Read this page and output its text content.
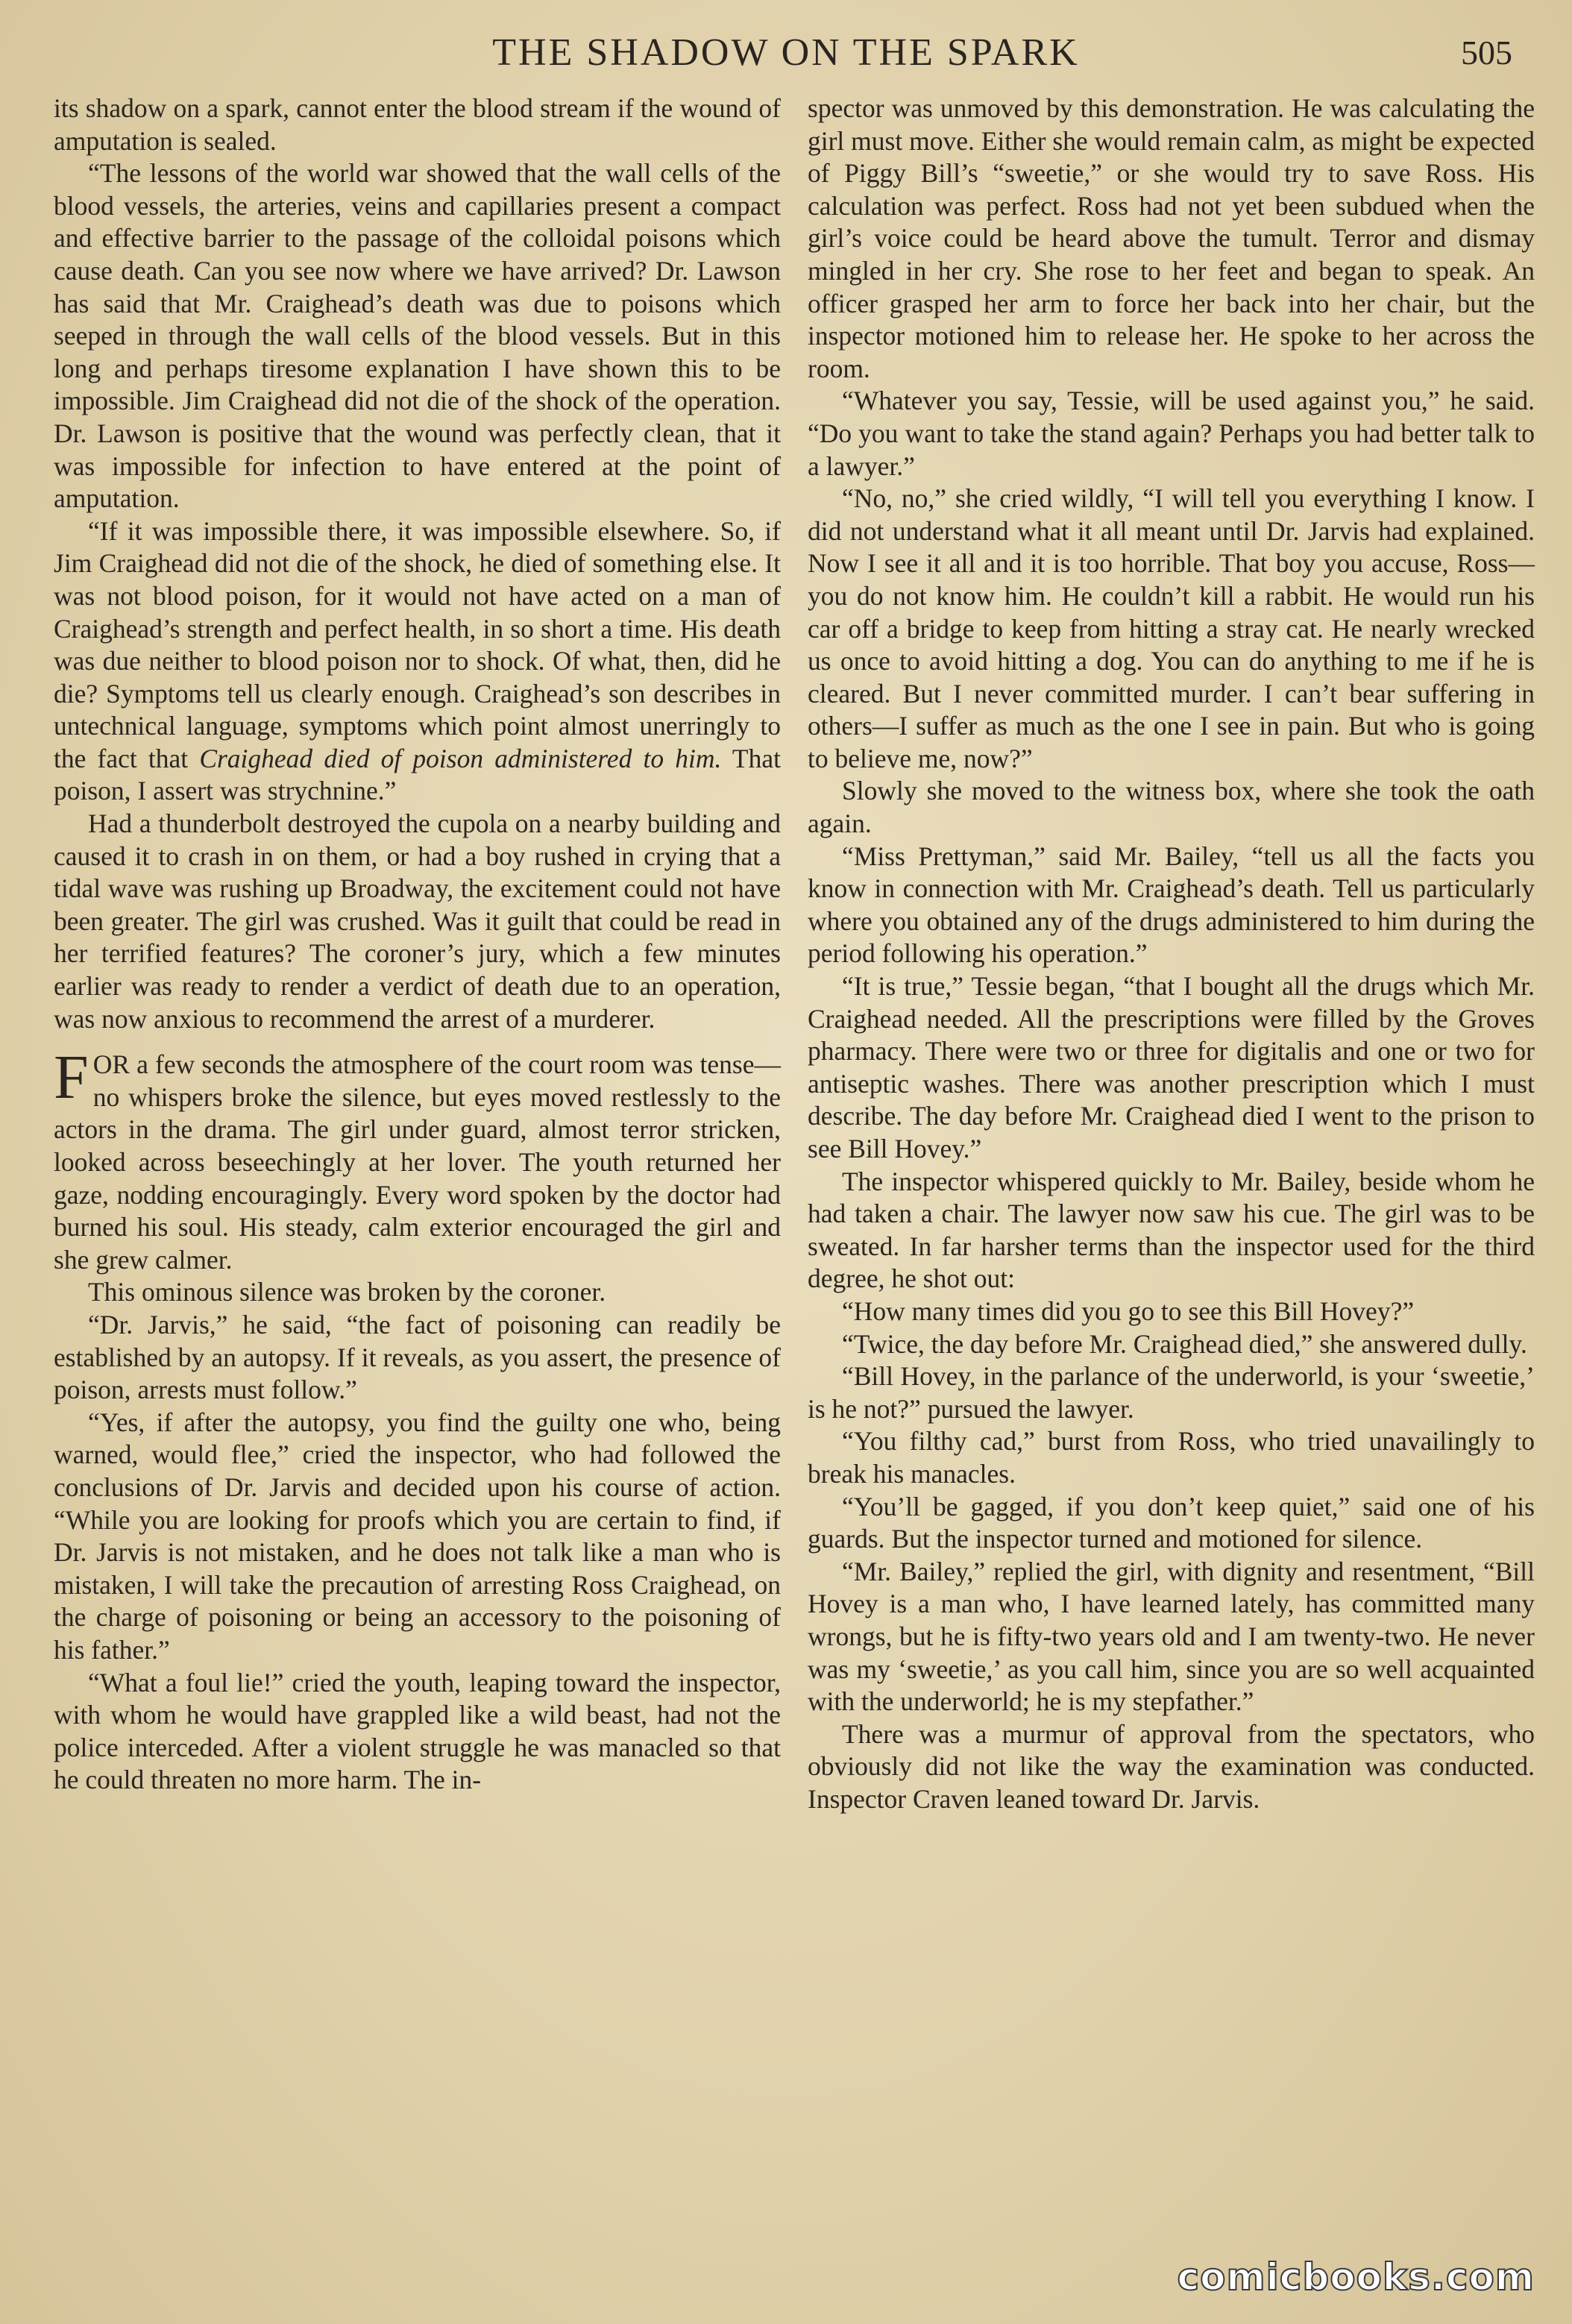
THE SHADOW ON THE SPARK	505

its shadow on a spark, cannot enter the blood stream if the wound of amputation is sealed.

“The lessons of the world war showed that the wall cells of the blood vessels, the arteries, veins and capillaries present a compact and effective barrier to the passage of the colloidal poisons which cause death. Can you see now where we have arrived? Dr. Lawson has said that Mr. Craighead’s death was due to poisons which seeped in through the wall cells of the blood vessels. But in this long and perhaps tiresome explanation I have shown this to be impossible. Jim Craighead did not die of the shock of the operation. Dr. Lawson is positive that the wound was perfectly clean, that it was impossible for infection to have entered at the point of amputation.

“If it was impossible there, it was impossible elsewhere. So, if Jim Craighead did not die of the shock, he died of something else. It was not blood poison, for it would not have acted on a man of Craighead’s strength and perfect health, in so short a time. His death was due neither to blood poison nor to shock. Of what, then, did he die? Symptoms tell us clearly enough. Craighead’s son describes in untechnical language, symptoms which point almost unerringly to the fact that Craighead died of poison administered to him. That poison, I assert was strychnine.”

Had a thunderbolt destroyed the cupola on a nearby building and caused it to crash in on them, or had a boy rushed in crying that a tidal wave was rushing up Broadway, the excitement could not have been greater. The girl was crushed. Was it guilt that could be read in her terrified features? The coroner’s jury, which a few minutes earlier was ready to render a verdict of death due to an operation, was now anxious to recommend the arrest of a murderer.

FOR a few seconds the atmosphere of the court room was tense—no whispers broke the silence, but eyes moved restlessly to the actors in the drama. The girl under guard, almost terror stricken, looked across beseechingly at her lover. The youth returned her gaze, nodding encouragingly. Every word spoken by the doctor had burned his soul. His steady, calm exterior encouraged the girl and she grew calmer.

This ominous silence was broken by the coroner.

“Dr. Jarvis,” he said, “the fact of poisoning can readily be established by an autopsy. If it reveals, as you assert, the presence of poison, arrests must follow.”

“Yes, if after the autopsy, you find the guilty one who, being warned, would flee,” cried the inspector, who had followed the conclusions of Dr. Jarvis and decided upon his course of action. “While you are looking for proofs which you are certain to find, if Dr. Jarvis is not mistaken, and he does not talk like a man who is mistaken, I will take the precaution of arresting Ross Craighead, on the charge of poisoning or being an accessory to the poisoning of his father.”

“What a foul lie!” cried the youth, leaping toward the inspector, with whom he would have grappled like a wild beast, had not the police interceded. After a violent struggle he was manacled so that he could threaten no more harm. The in-

spector was unmoved by this demonstration. He was calculating the girl must move. Either she would remain calm, as might be expected of Piggy Bill’s “sweetie,” or she would try to save Ross. His calculation was perfect. Ross had not yet been subdued when the girl’s voice could be heard above the tumult. Terror and dismay mingled in her cry. She rose to her feet and began to speak. An officer grasped her arm to force her back into her chair, but the inspector motioned him to release her. He spoke to her across the room.

“Whatever you say, Tessie, will be used against you,” he said. “Do you want to take the stand again? Perhaps you had better talk to a lawyer.”

“No, no,” she cried wildly, “I will tell you everything I know. I did not understand what it all meant until Dr. Jarvis had explained. Now I see it all and it is too horrible. That boy you accuse, Ross—you do not know him. He couldn’t kill a rabbit. He would run his car off a bridge to keep from hitting a stray cat. He nearly wrecked us once to avoid hitting a dog. You can do anything to me if he is cleared. But I never committed murder. I can’t bear suffering in others—I suffer as much as the one I see in pain. But who is going to believe me, now?”

Slowly she moved to the witness box, where she took the oath again.

“Miss Prettyman,” said Mr. Bailey, “tell us all the facts you know in connection with Mr. Craighead’s death. Tell us particularly where you obtained any of the drugs administered to him during the period following his operation.”

“It is true,” Tessie began, “that I bought all the drugs which Mr. Craighead needed. All the prescriptions were filled by the Groves pharmacy. There were two or three for digitalis and one or two for antiseptic washes. There was another prescription which I must describe. The day before Mr. Craighead died I went to the prison to see Bill Hovey.”

The inspector whispered quickly to Mr. Bailey, beside whom he had taken a chair. The lawyer now saw his cue. The girl was to be sweated. In far harsher terms than the inspector used for the third degree, he shot out:

“How many times did you go to see this Bill Hovey?”

“Twice, the day before Mr. Craighead died,” she answered dully.

“Bill Hovey, in the parlance of the underworld, is your ‘sweetie,’ is he not?” pursued the lawyer.

“You filthy cad,” burst from Ross, who tried unavailingly to break his manacles.

“You’ll be gagged, if you don’t keep quiet,” said one of his guards. But the inspector turned and motioned for silence.

“Mr. Bailey,” replied the girl, with dignity and resentment, “Bill Hovey is a man who, I have learned lately, has committed many wrongs, but he is fifty-two years old and I am twenty-two. He never was my ‘sweetie,’ as you call him, since you are so well acquainted with the underworld; he is my stepfather.”

There was a murmur of approval from the spectators, who obviously did not like the way the examination was conducted. Inspector Craven leaned toward Dr. Jarvis.

comicbooks.com
